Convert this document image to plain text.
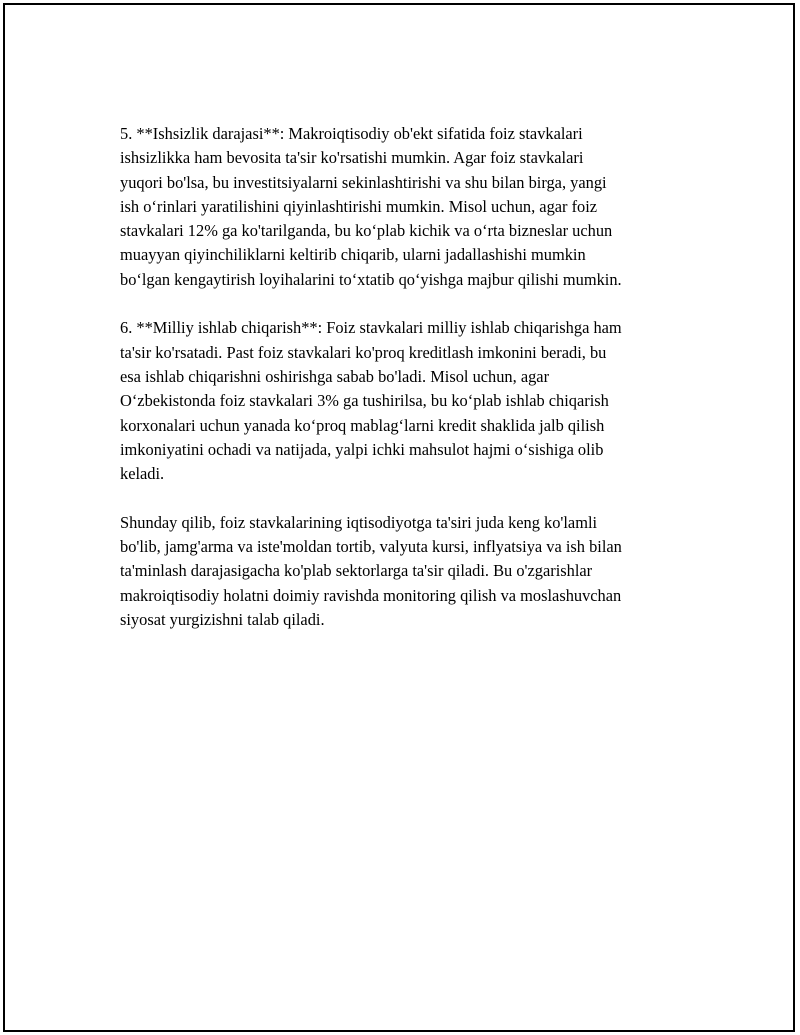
5. **Ishsizlik darajasi**: Makroiqtisodiy ob'ekt sifatida foiz stavkalari
ishsizlikka ham bevosita ta'sir ko'rsatishi mumkin. Agar foiz stavkalari
yuqori bo'lsa, bu investitsiyalarni sekinlashtirishi va shu bilan birga, yangi
ish o‘rinlari yaratilishini qiyinlashtirishi mumkin. Misol uchun, agar foiz
stavkalari 12% ga ko'tarilganda, bu ko‘plab kichik va o‘rta bizneslar uchun
muayyan qiyinchiliklarni keltirib chiqarib, ularni jadallashishi mumkin
bo‘lgan kengaytirish loyihalarini to‘xtatib qo‘yishga majbur qilishi mumkin.

6. **Milliy ishlab chiqarish**: Foiz stavkalari milliy ishlab chiqarishga ham
ta'sir ko'rsatadi. Past foiz stavkalari ko'proq kreditlash imkonini beradi, bu
esa ishlab chiqarishni oshirishga sabab bo'ladi. Misol uchun, agar
O‘zbekistonda foiz stavkalari 3% ga tushirilsa, bu ko‘plab ishlab chiqarish
korxonalari uchun yanada ko‘proq mablag‘larni kredit shaklida jalb qilish
imkoniyatini ochadi va natijada, yalpi ichki mahsulot hajmi o‘sishiga olib
keladi.

Shunday qilib, foiz stavkalarining iqtisodiyotga ta'siri juda keng ko'lamli
bo'lib, jamg'arma va iste'moldan tortib, valyuta kursi, inflyatsiya va ish bilan
ta'minlash darajasigacha ko'plab sektorlarga ta'sir qiladi. Bu o'zgarishlar
makroiqtisodiy holatni doimiy ravishda monitoring qilish va moslashuvchan
siyosat yurgizishni talab qiladi.
